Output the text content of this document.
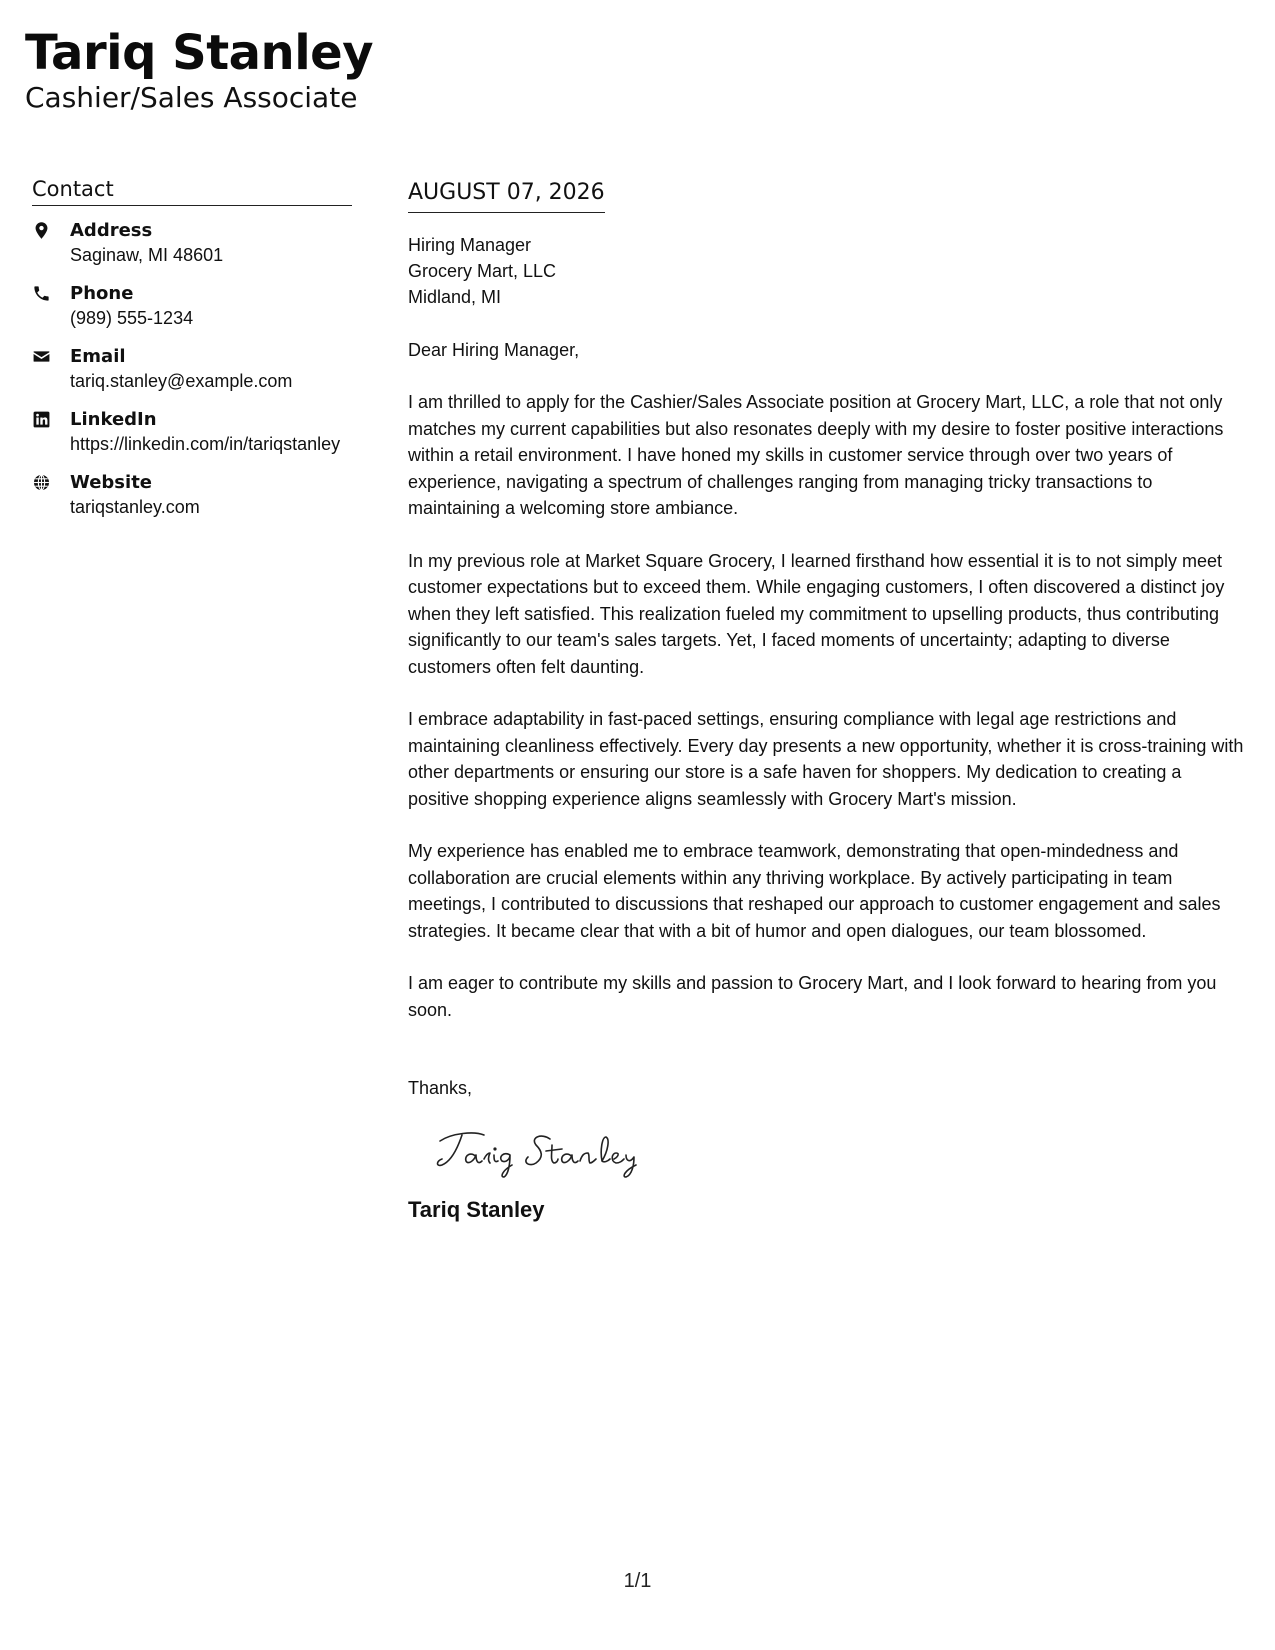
Tariq Stanley
Cashier/Sales Associate
Contact
Address
Saginaw, MI 48601
Phone
(989) 555-1234
Email
tariq.stanley@example.com
LinkedIn
https://linkedin.com/in/tariqstanley
Website
tariqstanley.com
AUGUST 07, 2026
Hiring Manager
Grocery Mart, LLC
Midland, MI
Dear Hiring Manager,

I am thrilled to apply for the Cashier/Sales Associate position at Grocery Mart, LLC, a role that not only matches my current capabilities but also resonates deeply with my desire to foster positive interactions within a retail environment. I have honed my skills in customer service through over two years of experience, navigating a spectrum of challenges ranging from managing tricky transactions to maintaining a welcoming store ambiance.

In my previous role at Market Square Grocery, I learned firsthand how essential it is to not simply meet customer expectations but to exceed them. While engaging customers, I often discovered a distinct joy when they left satisfied. This realization fueled my commitment to upselling products, thus contributing significantly to our team's sales targets. Yet, I faced moments of uncertainty; adapting to diverse customers often felt daunting.

I embrace adaptability in fast-paced settings, ensuring compliance with legal age restrictions and maintaining cleanliness effectively. Every day presents a new opportunity, whether it is cross-training with other departments or ensuring our store is a safe haven for shoppers. My dedication to creating a positive shopping experience aligns seamlessly with Grocery Mart's mission.

My experience has enabled me to embrace teamwork, demonstrating that open-mindedness and collaboration are crucial elements within any thriving workplace. By actively participating in team meetings, I contributed to discussions that reshaped our approach to customer engagement and sales strategies. It became clear that with a bit of humor and open dialogues, our team blossomed.

I am eager to contribute my skills and passion to Grocery Mart, and I look forward to hearing from you soon.

Thanks,
Tariq Stanley
1/1
